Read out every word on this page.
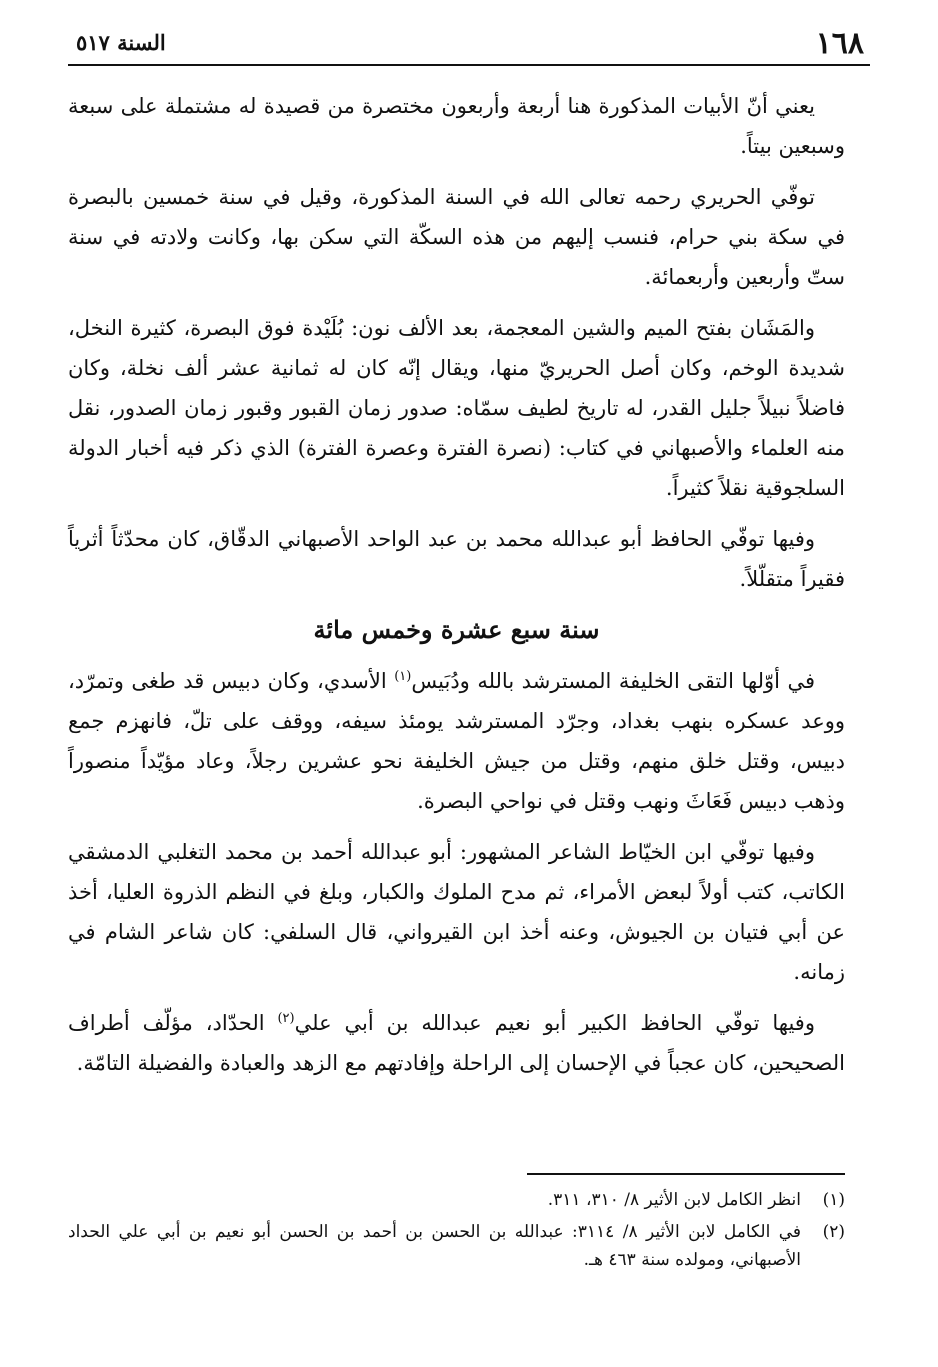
١٦٨
السنة ٥١٧

يعني أنّ الأبيات المذكورة هنا أربعة وأربعون مختصرة من قصيدة له مشتملة على سبعة وسبعين بيتاً.

توفّي الحريري رحمه تعالى الله في السنة المذكورة، وقيل في سنة خمسين بالبصرة في سكة بني حرام، فنسب إليهم من هذه السكّة التي سكن بها، وكانت ولادته في سنة ستّ وأربعين وأربعمائة.

والمَشَان بفتح الميم والشين المعجمة، بعد الألف نون: بُلَيْدة فوق البصرة، كثيرة النخل، شديدة الوخم، وكان أصل الحريريّ منها، ويقال إنّه كان له ثمانية عشر ألف نخلة، وكان فاضلاً نبيلاً جليل القدر، له تاريخ لطيف سمّاه: صدور زمان القبور وقبور زمان الصدور، نقل منه العلماء والأصبهاني في كتاب: (نصرة الفترة وعصرة الفترة) الذي ذكر فيه أخبار الدولة السلجوقية نقلاً كثيراً.

وفيها توفّي الحافظ أبو عبدالله محمد بن عبد الواحد الأصبهاني الدقّاق، كان محدّثاً أثرياً فقيراً متقلّلاً.

سنة سبع عشرة وخمس مائة

في أوّلها التقى الخليفة المسترشد بالله ودُبَيس$^{(١)}$ الأسدي، وكان دبيس قد طغى وتمرّد، ووعد عسكره بنهب بغداد، وجرّد المسترشد يومئذ سيفه، ووقف على تلّ، فانهزم جمع دبيس، وقتل خلق منهم، وقتل من جيش الخليفة نحو عشرين رجلاً، وعاد مؤيّداً منصوراً وذهب دبيس فَعَاثَ ونهب وقتل في نواحي البصرة.

وفيها توفّي ابن الخيّاط الشاعر المشهور: أبو عبدالله أحمد بن محمد التغلبي الدمشقي الكاتب، كتب أولاً لبعض الأمراء، ثم مدح الملوك والكبار، وبلغ في النظم الذروة العليا، أخذ عن أبي فتيان بن الجيوش، وعنه أخذ ابن القيرواني، قال السلفي: كان شاعر الشام في زمانه.

وفيها توفّي الحافظ الكبير أبو نعيم عبدالله بن أبي علي$^{(٢)}$ الحدّاد، مؤلّف أطراف الصحيحين، كان عجباً في الإحسان إلى الراحلة وإفادتهم مع الزهد والعبادة والفضيلة التامّة.

(١)
انظر الكامل لابن الأثير ٨/ ٣١٠، ٣١١.
(٢)
في الكامل لابن الأثير ٨/ ٣١١٤: عبدالله بن الحسن بن أحمد بن الحسن أبو نعيم بن أبي علي الحداد الأصبهاني، ومولده سنة ٤٦٣ هـ.
